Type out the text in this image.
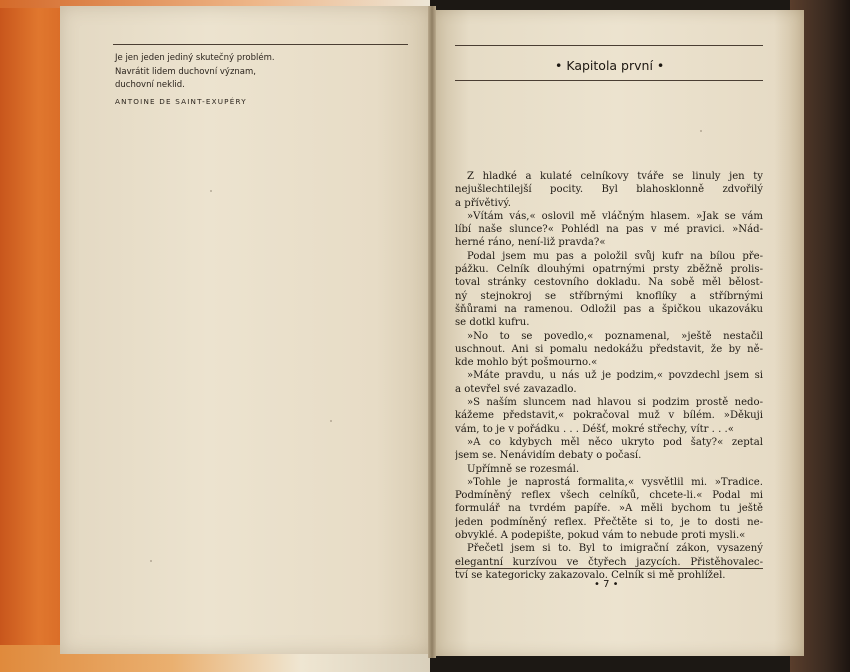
Je jen jeden jediný skutečný problém.
Navrátit lidem duchovní význam,
duchovní neklid.
ANTOINE DE SAINT-EXUPÉRY
• Kapitola první •
Z hladké a kulaté celníkovy tváře se linuly jen ty
nejušlechtilejší pocity. Byl blahosklonně zdvořilý
a přívětivý.
»Vítám vás,« oslovil mě vláčným hlasem. »Jak se vám
líbí naše slunce?« Pohlédl na pas v mé pravici. »Nád-
herné ráno, není-liž pravda?«
Podal jsem mu pas a položil svůj kufr na bílou pře-
pážku. Celník dlouhými opatrnými prsty zběžně prolis-
toval stránky cestovního dokladu. Na sobě měl bělost-
ný stejnokroj se stříbrnými knoflíky a stříbrnými
šňůrami na ramenou. Odložil pas a špičkou ukazováku
se dotkl kufru.
»No to se povedlo,« poznamenal, »ještě nestačil
uschnout. Ani si pomalu nedokážu představit, že by ně-
kde mohlo být pošmourno.«
»Máte pravdu, u nás už je podzim,« povzdechl jsem si
a otevřel své zavazadlo.
»S naším sluncem nad hlavou si podzim prostě nedo-
kážeme představit,« pokračoval muž v bílém. »Děkuji
vám, to je v pořádku . . . Déšť, mokré střechy, vítr . . .«
»A co kdybych měl něco ukryto pod šaty?« zeptal
jsem se. Nenávidím debaty o počasí.
Upřímně se rozesmál.
»Tohle je naprostá formalita,« vysvětlil mi. »Tradice.
Podmíněný reflex všech celníků, chcete-li.« Podal mi
formulář na tvrdém papíře. »A měli bychom tu ještě
jeden podmíněný reflex. Přečtěte si to, je to dosti ne-
obvyklé. A podepište, pokud vám to nebude proti mysli.«
Přečetl jsem si to. Byl to imigrační zákon, vysazený
elegantní kurzívou ve čtyřech jazycích. Přistěhovalec-
tví se kategoricky zakazovalo. Celník si mě prohlížel.
• 7 •
